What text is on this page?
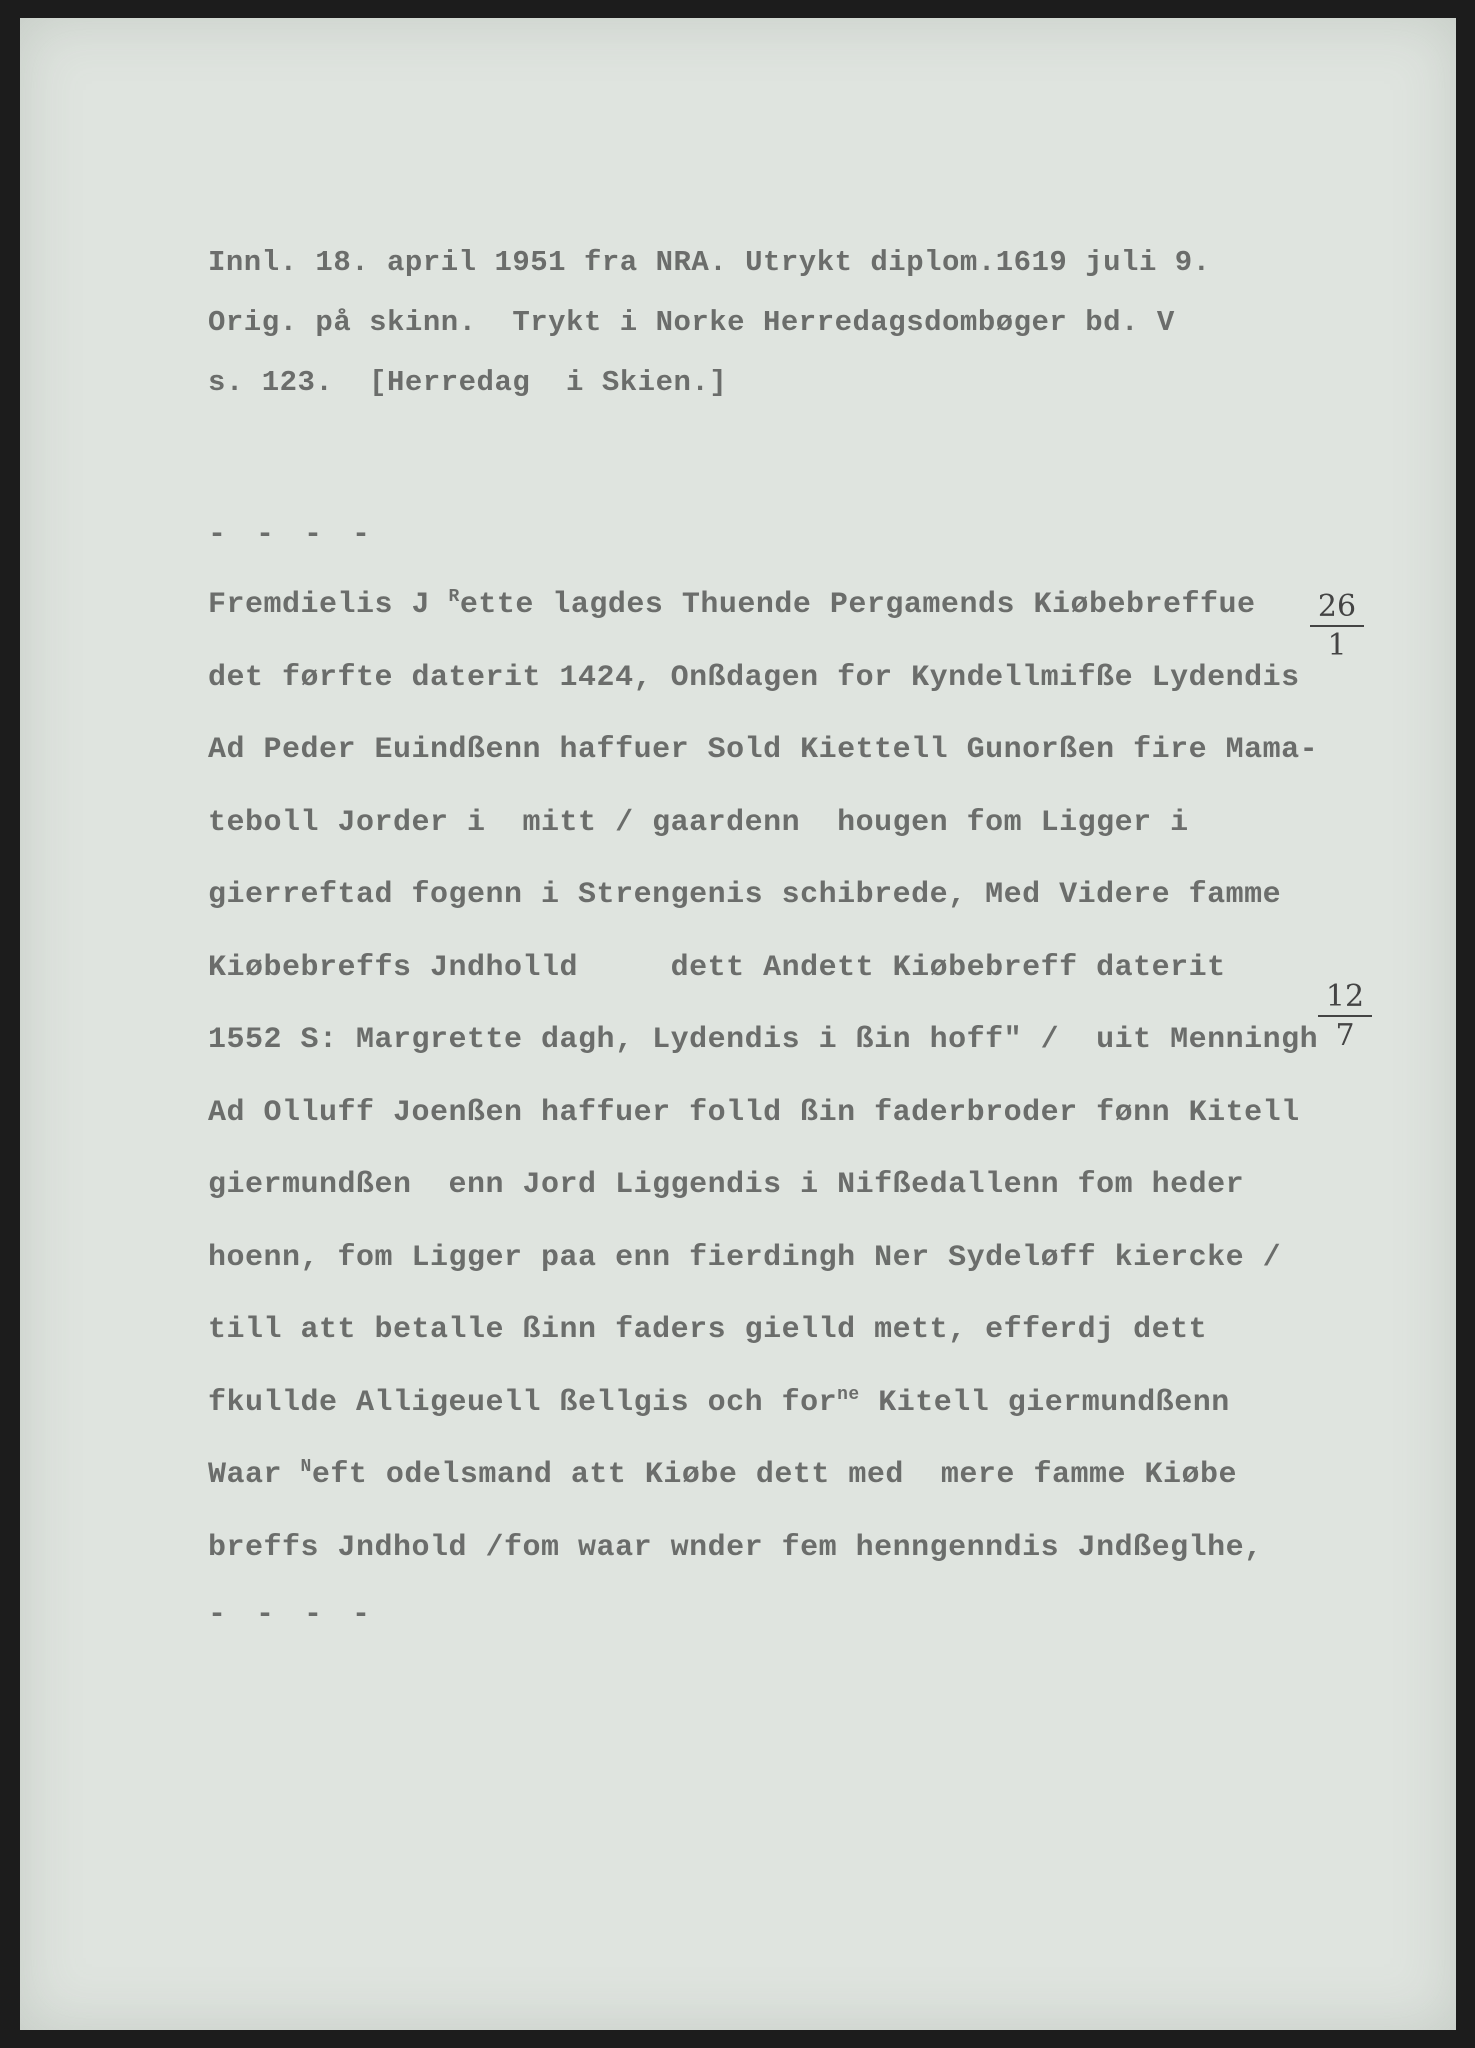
Innl. 18. april 1951 fra NRA. Utrykt diplom.1619 juli 9.
Orig. på skinn.  Trykt i Norke Herredagsdombøger bd. V
s. 123.  [Herredag  i Skien.]
- - - -
Fremdielis J $^R$ette lagdes Thuende Pergamends Kiøbebreffue
det førfte daterit 1424, Onßdagen for Kyndellmifße Lydendis
Ad Peder Euindßenn haffuer Sold Kiettell Gunorßen fire Mama-
teboll Jorder i  mitt / gaardenn  hougen fom Ligger i
gierreftad fogenn i Strengenis schibrede, Med Videre famme
Kiøbebreffs Jndholld     dett Andett Kiøbebreff daterit
1552 S: Margrette dagh, Lydendis i ßin hoff" /  uit Menningh
Ad Olluff Joenßen haffuer folld ßin faderbroder fønn Kitell
giermundßen  enn Jord Liggendis i Nifßedallenn fom heder
hoenn, fom Ligger paa enn fierdingh Ner Sydeløff kiercke /
till att betalle ßinn faders gielld mett, efferdj dett
fkullde Alligeuell ßellgis och for$^{ne}$ Kitell giermundßenn
Waar $^N$eft odelsmand att Kiøbe dett med  mere famme Kiøbe
breffs Jndhold /fom waar wnder fem henngenndis Jndßeglhe,
- - - -
26
1
12
7
